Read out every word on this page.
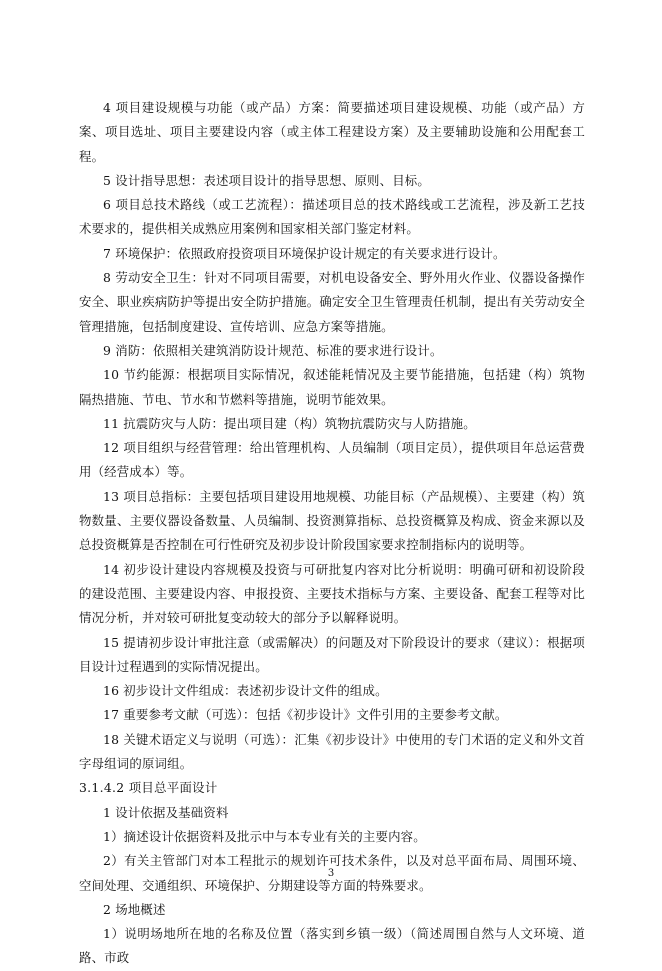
4 项目建设规模与功能（或产品）方案：简要描述项目建设规模、功能（或产品）方案、项目选址、项目主要建设内容（或主体工程建设方案）及主要辅助设施和公用配套工程。

5 设计指导思想：表述项目设计的指导思想、原则、目标。

6 项目总技术路线（或工艺流程）：描述项目总的技术路线或工艺流程，涉及新工艺技术要求的，提供相关成熟应用案例和国家相关部门鉴定材料。

7 环境保护：依照政府投资项目环境保护设计规定的有关要求进行设计。

8 劳动安全卫生：针对不同项目需要，对机电设备安全、野外用火作业、仪器设备操作安全、职业疾病防护等提出安全防护措施。确定安全卫生管理责任机制，提出有关劳动安全管理措施，包括制度建设、宣传培训、应急方案等措施。

9 消防：依照相关建筑消防设计规范、标准的要求进行设计。

10 节约能源：根据项目实际情况，叙述能耗情况及主要节能措施，包括建（构）筑物隔热措施、节电、节水和节燃料等措施，说明节能效果。

11 抗震防灾与人防：提出项目建（构）筑物抗震防灾与人防措施。

12 项目组织与经营管理：给出管理机构、人员编制（项目定员），提供项目年总运营费用（经营成本）等。

13 项目总指标：主要包括项目建设用地规模、功能目标（产品规模）、主要建（构）筑物数量、主要仪器设备数量、人员编制、投资测算指标、总投资概算及构成、资金来源以及总投资概算是否控制在可行性研究及初步设计阶段国家要求控制指标内的说明等。

14 初步设计建设内容规模及投资与可研批复内容对比分析说明：明确可研和初设阶段的建设范围、主要建设内容、申报投资、主要技术指标与方案、主要设备、配套工程等对比情况分析，并对较可研批复变动较大的部分予以解释说明。

15 提请初步设计审批注意（或需解决）的问题及对下阶段设计的要求（建议）：根据项目设计过程遇到的实际情况提出。

16 初步设计文件组成：表述初步设计文件的组成。

17 重要参考文献（可选）：包括《初步设计》文件引用的主要参考文献。

18 关键术语定义与说明（可选）：汇集《初步设计》中使用的专门术语的定义和外文首字母组词的原词组。

3.1.4.2 项目总平面设计

1 设计依据及基础资料

1）摘述设计依据资料及批示中与本专业有关的主要内容。

2）有关主管部门对本工程批示的规划许可技术条件，以及对总平面布局、周围环境、空间处理、交通组织、环境保护、分期建设等方面的特殊要求。

2 场地概述

1）说明场地所在地的名称及位置（落实到乡镇一级）（简述周围自然与人文环境、道路、市政

3
